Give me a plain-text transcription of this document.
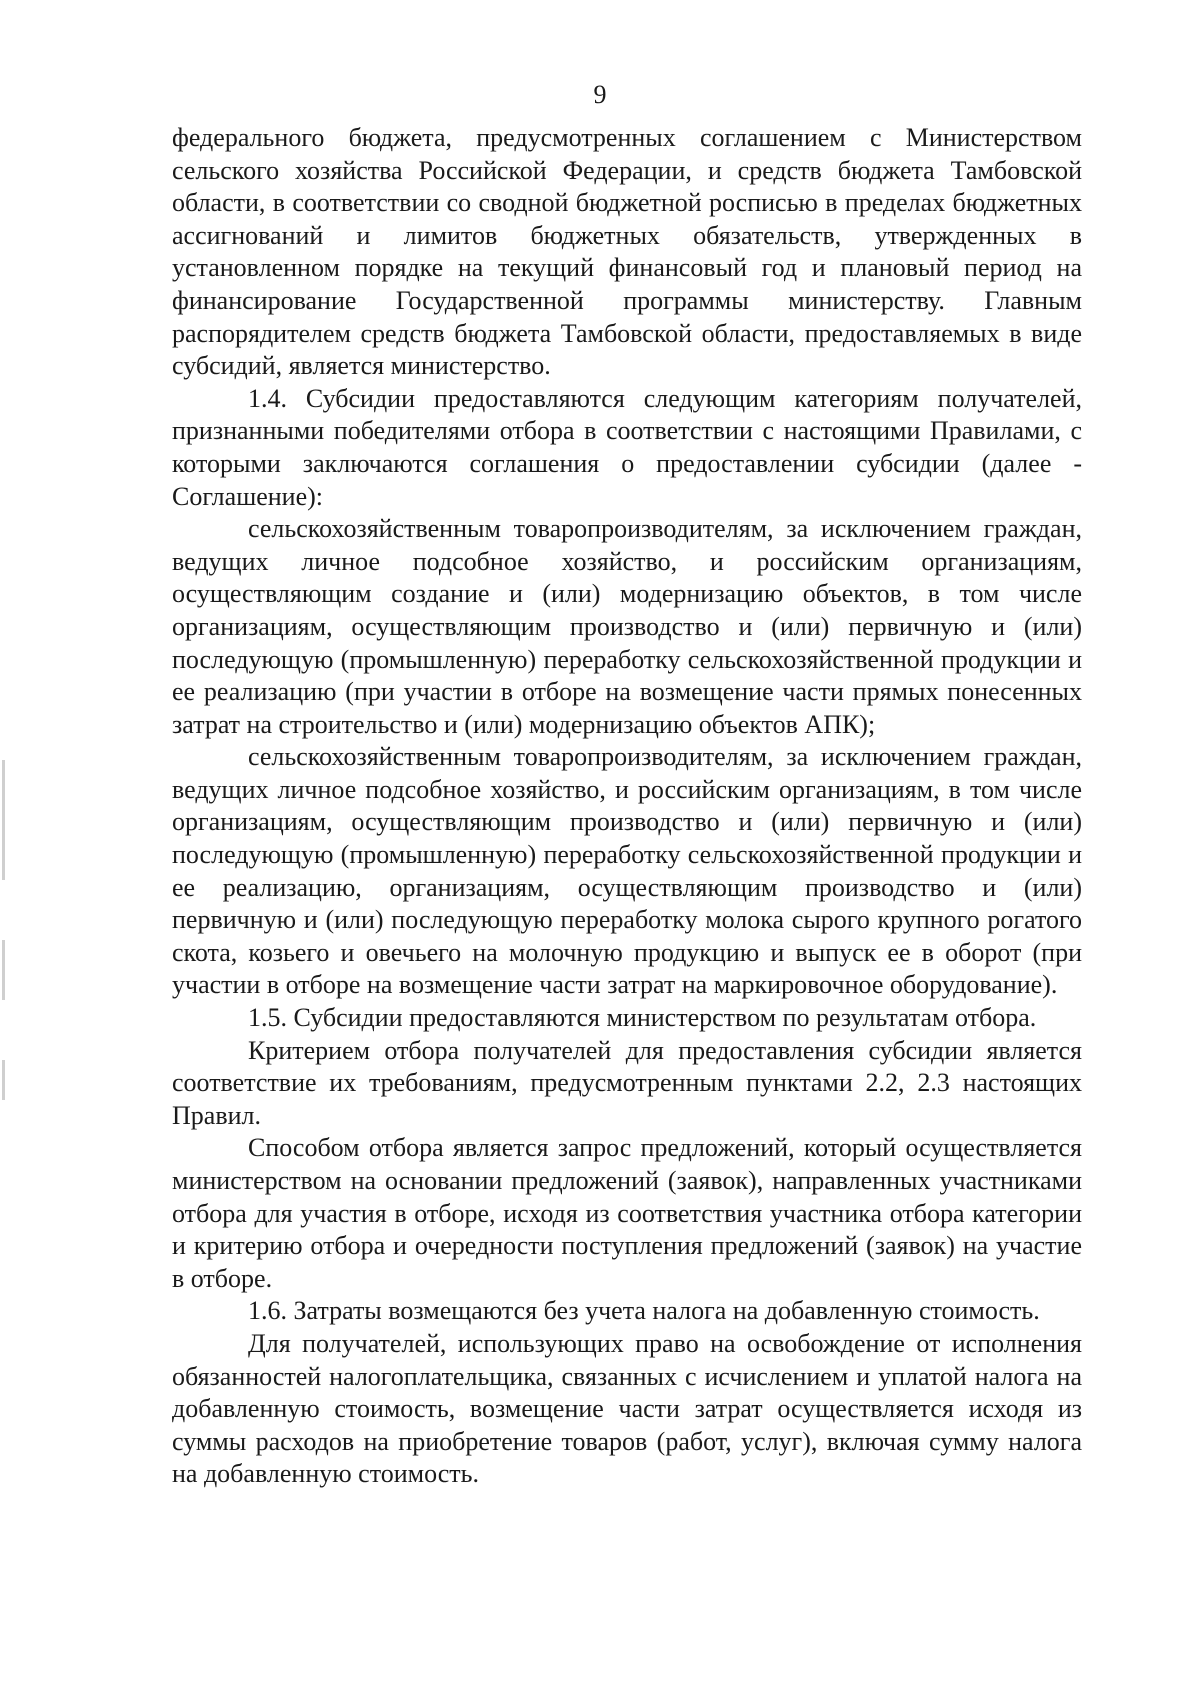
9

федерального бюджета, предусмотренных соглашением с Министерством сельского хозяйства Российской Федерации, и средств бюджета Тамбовской области, в соответствии со сводной бюджетной росписью в пределах бюджетных ассигнований и лимитов бюджетных обязательств, утвержденных в установленном порядке на текущий финансовый год и плановый период на финансирование Государственной программы министерству. Главным распорядителем средств бюджета Тамбовской области, предоставляемых в виде субсидий, является министерство.

1.4. Субсидии предоставляются следующим категориям получателей, признанными победителями отбора в соответствии с настоящими Правилами, с которыми заключаются соглашения о предоставлении субсидии (далее - Соглашение):

сельскохозяйственным товаропроизводителям, за исключением граждан, ведущих личное подсобное хозяйство, и российским организациям, осуществляющим создание и (или) модернизацию объектов, в том числе организациям, осуществляющим производство и (или) первичную и (или) последующую (промышленную) переработку сельскохозяйственной продукции и ее реализацию (при участии в отборе на возмещение части прямых понесенных затрат на строительство и (или) модернизацию объектов АПК);

сельскохозяйственным товаропроизводителям, за исключением граждан, ведущих личное подсобное хозяйство, и российским организациям, в том числе организациям, осуществляющим производство и (или) первичную и (или) последующую (промышленную) переработку сельскохозяйственной продукции и ее реализацию, организациям, осуществляющим производство и (или) первичную и (или) последующую переработку молока сырого крупного рогатого скота, козьего и овечьего на молочную продукцию и выпуск ее в оборот (при участии в отборе на возмещение части затрат на маркировочное оборудование).

1.5. Субсидии предоставляются министерством по результатам отбора.

Критерием отбора получателей для предоставления субсидии является соответствие их требованиям, предусмотренным пунктами 2.2, 2.3 настоящих Правил.

Способом отбора является запрос предложений, который осуществляется министерством на основании предложений (заявок), направленных участниками отбора для участия в отборе, исходя из соответствия участника отбора категории и критерию отбора и очередности поступления предложений (заявок) на участие в отборе.

1.6. Затраты возмещаются без учета налога на добавленную стоимость.

Для получателей, использующих право на освобождение от исполнения обязанностей налогоплательщика, связанных с исчислением и уплатой налога на добавленную стоимость, возмещение части затрат осуществляется исходя из суммы расходов на приобретение товаров (работ, услуг), включая сумму налога на добавленную стоимость.
